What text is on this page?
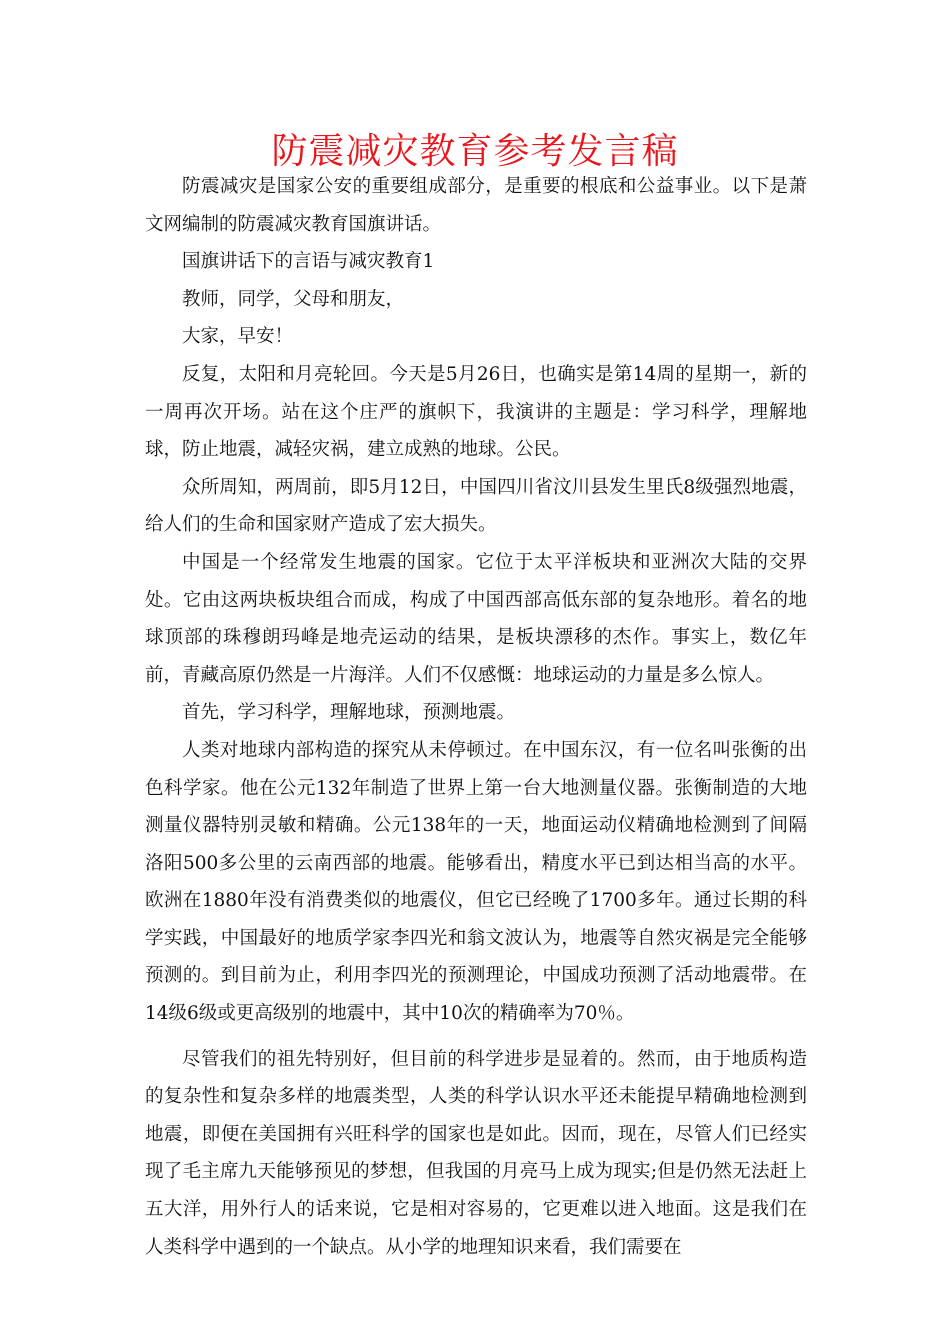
防震减灾教育参考发言稿

防震减灾是国家公安的重要组成部分，是重要的根底和公益事业。以下是萧文网编制的防震减灾教育国旗讲话。

国旗讲话下的言语与减灾教育1

教师，同学，父母和朋友，

大家，早安！

反复，太阳和月亮轮回。今天是5月26日，也确实是第14周的星期一，新的一周再次开场。站在这个庄严的旗帜下，我演讲的主题是：学习科学，理解地球，防止地震，减轻灾祸，建立成熟的地球。公民。

众所周知，两周前，即5月12日，中国四川省汶川县发生里氏8级强烈地震，给人们的生命和国家财产造成了宏大损失。

中国是一个经常发生地震的国家。它位于太平洋板块和亚洲次大陆的交界处。它由这两块板块组合而成，构成了中国西部高低东部的复杂地形。着名的地球顶部的珠穆朗玛峰是地壳运动的结果，是板块漂移的杰作。事实上，数亿年前，青藏高原仍然是一片海洋。人们不仅感慨：地球运动的力量是多么惊人。

首先，学习科学，理解地球，预测地震。

人类对地球内部构造的探究从未停顿过。在中国东汉，有一位名叫张衡的出色科学家。他在公元132年制造了世界上第一台大地测量仪器。张衡制造的大地测量仪器特别灵敏和精确。公元138年的一天，地面运动仪精确地检测到了间隔洛阳500多公里的云南西部的地震。能够看出，精度水平已到达相当高的水平。欧洲在1880年没有消费类似的地震仪，但它已经晚了1700多年。通过长期的科学实践，中国最好的地质学家李四光和翁文波认为，地震等自然灾祸是完全能够预测的。到目前为止，利用李四光的预测理论，中国成功预测了活动地震带。在14级6级或更高级别的地震中，其中10次的精确率为70％。

尽管我们的祖先特别好，但目前的科学进步是显着的。然而，由于地质构造的复杂性和复杂多样的地震类型，人类的科学认识水平还未能提早精确地检测到地震，即便在美国拥有兴旺科学的国家也是如此。因而，现在，尽管人们已经实现了毛主席九天能够预见的梦想，但我国的月亮马上成为现实;但是仍然无法赶上五大洋，用外行人的话来说，它是相对容易的，它更难以进入地面。这是我们在人类科学中遇到的一个缺点。从小学的地理知识来看，我们需要在
